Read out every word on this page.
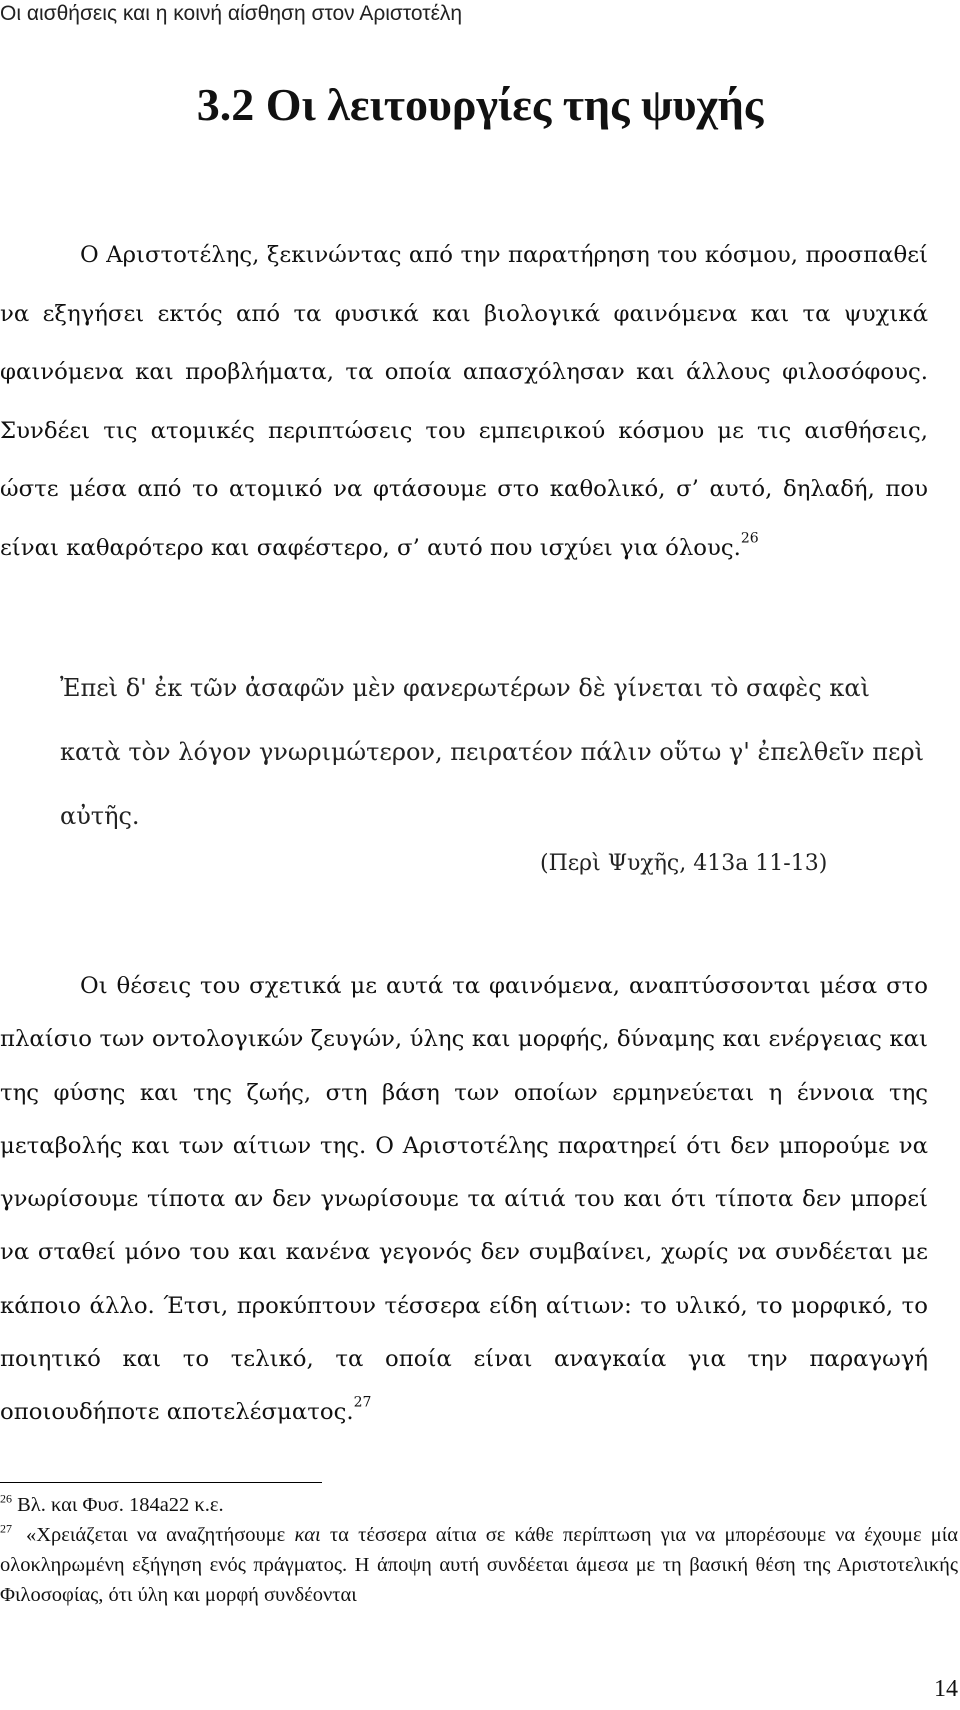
Οι αισθήσεις και η κοινή αίσθηση στον Αριστοτέλη
3.2 Οι λειτουργίες της ψυχής

Ο Αριστοτέλης, ξεκινώντας από την παρατήρηση του κόσμου, προσπαθεί να εξηγήσει εκτός από τα φυσικά και βιολογικά φαινόμενα και τα ψυχικά φαινόμενα και προβλήματα, τα οποία απασχόλησαν και άλλους φιλοσόφους. Συνδέει τις ατομικές περιπτώσεις του εμπειρικού κόσμου με τις αισθήσεις, ώστε μέσα από το ατομικό να φτάσουμε στο καθολικό, σ’ αυτό, δηλαδή, που είναι καθαρότερο και σαφέστερο, σ’ αυτό που ισχύει για όλους.$^{26}$

Ἐπεὶ δ' ἐκ τῶν ἀσαφῶν μὲν φανερωτέρων δὲ γίνεται τὸ σαφὲς καὶ κατὰ τὸν λόγον γνωριμώτερον, πειρατέον πάλιν οὕτω γ' ἐπελθεῖν περὶ αὐτῆς.

(Περὶ Ψυχῆς, 413a 11-13)

Οι θέσεις του σχετικά με αυτά τα φαινόμενα, αναπτύσσονται μέσα στο πλαίσιο των οντολογικών ζευγών, ύλης και μορφής, δύναμης και ενέργειας και της φύσης και της ζωής, στη βάση των οποίων ερμηνεύεται η έννοια της μεταβολής και των αίτιων της. Ο Αριστοτέλης παρατηρεί ότι δεν μπορούμε να γνωρίσουμε τίποτα αν δεν γνωρίσουμε τα αίτιά του και ότι τίποτα δεν μπορεί να σταθεί μόνο του και κανένα γεγονός δεν συμβαίνει, χωρίς να συνδέεται με κάποιο άλλο. Έτσι, προκύπτουν τέσσερα είδη αίτιων: το υλικό, το μορφικό, το ποιητικό και το τελικό, τα οποία είναι αναγκαία για την παραγωγή οποιουδήποτε αποτελέσματος.$^{27}$

$^{26}$ Βλ. και Φυσ. 184a22 κ.ε.

$^{27}$ «Χρειάζεται να αναζητήσουμε και τα τέσσερα αίτια σε κάθε περίπτωση για να μπορέσουμε να έχουμε μία ολοκληρωμένη εξήγηση ενός πράγματος. Η άποψη αυτή συνδέεται άμεσα με τη βασική θέση της Αριστοτελικής Φιλοσοφίας, ότι ύλη και μορφή συνδέονται

14
